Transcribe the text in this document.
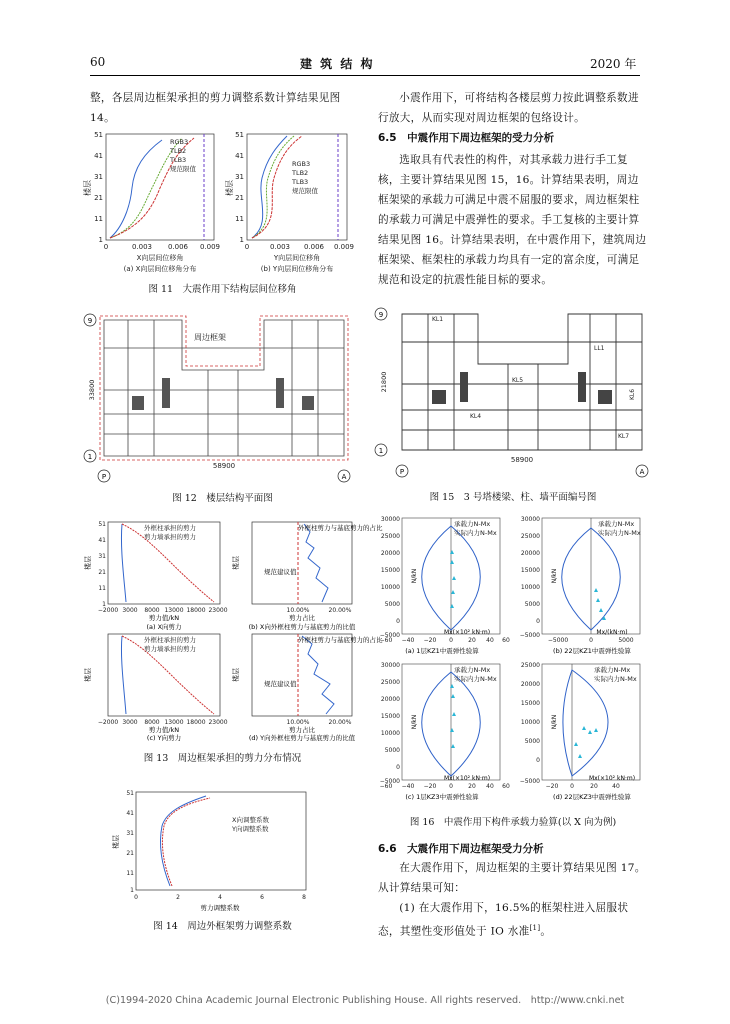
60	建 筑 结 构	2020 年
整，各层周边框架承担的剪力调整系数计算结果见图 14。
51
41
31
21
11
1
0	0.003 0.006 0.009
楼层
RGB3
TLB2
TLB3
规范限值
X向层间位移角
(a) X向层间位移角分布
51
41
31
21
11
1
0	0.003 0.006 0.009
楼层
RGB3
TLB2
TLB3
规范限值
Y向层间位移角
(b) Y向层间位移角分布
图 11　大震作用下结构层间位移角
9
1
P	A
周边框架
33800
58900
图 12　楼层结构平面图
51
41
31
21
11
1
楼层
外框柱承担的剪力
剪力墙承担的剪力
−2000 3000 8000 13000 18000 23000
剪力值/kN
(a) X向剪力
楼层
外框柱剪力与基底剪力的占比
规范建议值
10.00%	20.00%
剪力占比
(b) X向外框柱剪力与基底剪力的比值
楼层
外框柱承担的剪力
剪力墙承担的剪力
−2000 3000 8000 13000 18000 23000
剪力值/kN
(c) Y向剪力
楼层
外框柱剪力与基底剪力的占比
规范建议值
10.00%	20.00%
剪力占比
(d) Y向外框柱剪力与基底剪力的比值
图 13　周边框架承担的剪力分布情况
51
41
31
21
11
1
楼层
X向调整系数
Y向调整系数
0	2	4	6	8
剪力调整系数
图 14　周边外框架剪力调整系数
小震作用下，可将结构各楼层剪力按此调整系数进行放大，从而实现对周边框架的包络设计。
6.5　中震作用下周边框架的受力分析
选取具有代表性的构件，对其承载力进行手工复核，主要计算结果见图 15，16。计算结果表明，周边框架梁的承载力可满足中震不屈服的要求，周边框架柱的承载力可满足中震弹性的要求。手工复核的主要计算结果见图 16。计算结果表明，在中震作用下，建筑周边框架梁、框架柱的承载力均具有一定的富余度，可满足规范和设定的抗震性能目标的要求。
9
1
P	A
KL1
LL1
KL5
KL4
KL6
KL7
21800
58900
图 15　3 号塔楼梁、柱、墙平面编号图
30000
25000
20000
15000
10000
5000
0
−5000
N/kN
承载力N-Mx
实际内力N-Mx
−60 −40 −20 0	20 40 60
Mx(×10² kN·m)
(a) 1层KZ1中震弹性验算
30000
25000
20000
15000
10000
5000
0
−5000
N/kN
承载力N-Mx
实际内力N-Mx
−5000	0	5000
Mx/(kN·m)
(b) 22层KZ1中震弹性验算
30000
25000
20000
15000
10000
5000
0
−5000
N/kN
承载力N-Mx
实际内力N-Mx
−60 −40 −20 0	20 40 60
Mx(×10² kN·m)
(c) 1层KZ3中震弹性验算
25000
20000
15000
10000
5000
0
−5000
N/kN
承载力N-Mx
实际内力N-Mx
−20 0	20 40
Mx(×10² kN·m)
(d) 22层KZ3中震弹性验算
图 16　中震作用下构件承载力验算(以 X 向为例)
6.6　大震作用下周边框架受力分析
在大震作用下，周边框架的主要计算结果见图 17。从计算结果可知：
(1) 在大震作用下，16.5%的框架柱进入屈服状态，其塑性变形值处于 IO 水准[1]。
(C)1994-2020 China Academic Journal Electronic Publishing House. All rights reserved.　http://www.cnki.net
